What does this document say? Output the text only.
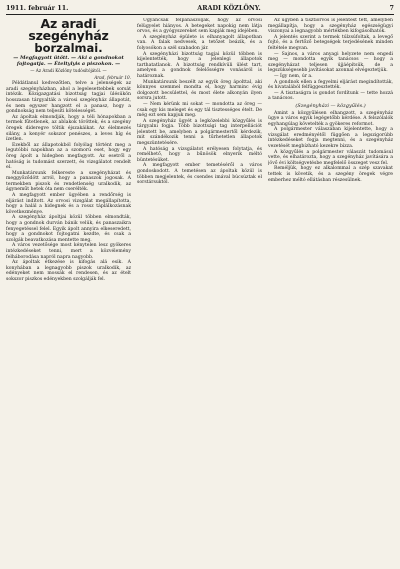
1911. február 11.	ARADI KÖZLÖNY.	7
Az aradi szegényház
borzalmai.
— Megfagyott ütött. — Aki a gondnokot fojtogatja. — Ételtylyis a piszokon. —
— Az Aradi Közlöny tudósítójától. —
Arad, február 10.

Példátlanul kedvezőtlen, telve a jelenségek az aradi szegényházban, ahol a legelesettebbek sorsát intézik. Közigazgatási bizottság tagjai ülésükön hosszasan tárgyalták a városi szegényház állapotát, és nem egyszer hangzott el a panasz, hogy a gondnokság nem teljesíti kötelességét.

Az ápoltak elmondják, hogy a téli hónapokban a termek fűtetlenek, az ablakok töröttek, és a szegény öregek dideregve töltik éjszakáikat. Az élelmezés silány, a kenyér sokszor penészes, a leves híg és ízetlen.

Ezekből az állapotokból folyólag történt meg a legutóbbi napokban az a szomorú eset, hogy egy öreg ápolt a hidegben megfagyott. Az esetről a hatóság is tudomást szerzett, és vizsgálatot rendelt el.

Munkatársunk felkereste a szegényházat és meggyőződött arról, hogy a panaszok jogosak. A termekben piszok és rendetlenség uralkodik, az ágyneműt hetek óta nem cserélték.

A megfagyott ember ügyében a rendőrség is eljárást indított. Az orvosi vizsgálat megállapította, hogy a halál a hidegnek és a rossz táplálkozásnak következménye.

A szegényház ápoltjai közül többen elmondták, hogy a gondnok durván bánik velük, és panaszaikra fenyegetéssel felel. Egyik ápolt annyira elkeseredett, hogy a gondnokot fojtogatni kezdte, és csak a szolgák beavatkozása mentette meg.

A város vezetősége most kénytelen lesz gyökeres intézkedéseket tenni, mert a közvélemény felháborodása napról napra nagyobb.

Az ápoltak étkezése is kifogás alá esik. A konyhában a legnagyobb piszok uralkodik, az edényeket nem mossák el rendesen, és az ételt sokszor piszkos edényekben szolgálják fel.

Ugyancsak felpanaszolják, hogy az orvosi felügyelet hiányos. A betegeket napokig nem látja orvos, és a gyógyszereket sem kapják meg idejében.

A szegényház épülete is elhanyagolt állapotban van. A falak nedvesek, a tetőzet beázik, és a folyosókon a szél szabadon jár.

A szegényházi bizottság tagjai közül többen is kijelentették, hogy a jelenlegi állapotok tarthatatlanok. A bizottság rendkívüli ülést tart, amelyen a gondnok felelősségre vonásáról is határoznak.

Munkatársunk beszélt az egyik öreg ápolttal, aki könnyes szemmel mondta el, hogy harminc évig dolgozott becsülettel, és most élete alkonyán ilyen sorsra jutott.

— Nem kérünk mi sokat — mondotta az öreg — csak egy kis meleget és egy tál tisztességes ételt. De még ezt sem kapjuk meg.

A szegényház ügyét a legközelebbi közgyűlés is tárgyalni fogja. Több bizottsági tag interpellációt jelentett be, amelyben a polgármestertől kérdezik, mit szándékozik tenni a tűrhetetlen állapotok megszüntetésére.

A hatóság a vizsgálatot erélyesen folytatja, és remélhető, hogy a bűnösök elnyerik méltó büntetésüket.

A megfagyott ember temetéséről a város gondoskodott. A temetésen az ápoltak közül is többen megjelentek, és csendes imával búcsúztak el sorstársuktól.

Az ügyben a tisztiorvos is jelentést tett, amelyben megállapítja, hogy a szegényház egészségügyi viszonyai a legnagyobb mértékben kifogásolhatók.

A jelentés szerint a termek túlzsúfoltak, a levegő fojtó, és a fertőző betegségek terjedésének minden feltétele megvan.

— Sajnos, a város anyagi helyzete nem engedi meg — mondotta egyik tanácsos — hogy a szegényházat teljesen újjáépítsük, de a legszükségesebb javításokat azonnal elvégeztetjük.

— Így nem, úr a.

A gondnok ellen a fegyelmi eljárást megindították, és hivatalából felfüggesztették.

— A tisztaságra is gondot fordítunk — tette hozzá a tanácsos.

(Szegényházi — közgyűlés.)

Amint a közgyűlésen elhangzott, a szegényház ügye a város egyik legégetőbb kérdése. A felszólalók egyhangúlag követelték a gyökeres reformot.

A polgármester válaszában kijelentette, hogy a vizsgálat eredményétől függően a legszigorúbb intézkedéseket fogja megtenni, és a szegényház vezetését megbízható kezekre bízza.

A közgyűlés a polgármester válaszát tudomásul vette, és elhatározta, hogy a szegényház javítására a jövő évi költségvetésbe megfelelő összeget vesz fel.

Reméljük, hogy ez alkalommal a szép szavakat tettek is követik, és a szegény öregek végre emberhez méltó ellátásban részesülnek.
